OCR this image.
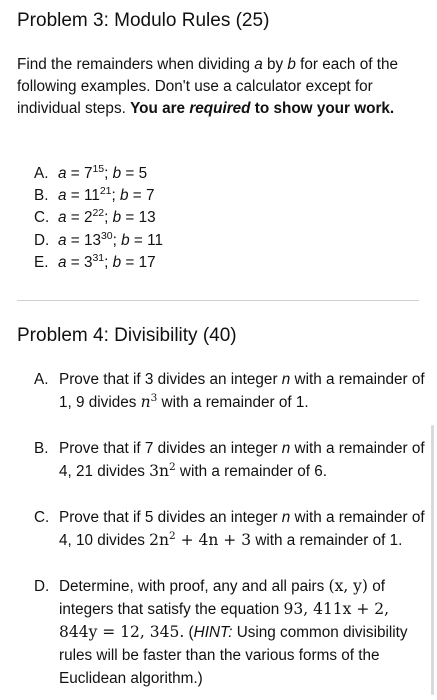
Problem 3: Modulo Rules (25)

Find the remainders when dividing a by b for each of the following examples. Don't use a calculator except for individual steps. You are required to show your work.

A. $a = 7^{15}$; b = 5
B. $a = 11^{21}$; b = 7
C. $a = 2^{22}$; b = 13
D. $a = 13^{30}$; b = 11
E. $a = 3^{31}$; b = 17
Problem 4: Divisibility (40)
A. Prove that if 3 divides an integer n with a remainder of 1, 9 divides $n^3$ with a remainder of 1.
B. Prove that if 7 divides an integer n with a remainder of 4, 21 divides $3n^2$ with a remainder of 6.
C. Prove that if 5 divides an integer n with a remainder of 4, 10 divides $2n^2 + 4n + 3$ with a remainder of 1.
D. Determine, with proof, any and all pairs (x, y) of integers that satisfy the equation 93, 411x + 2, 844y = 12, 345. (HINT: Using common divisibility rules will be faster than the various forms of the Euclidean algorithm.)
